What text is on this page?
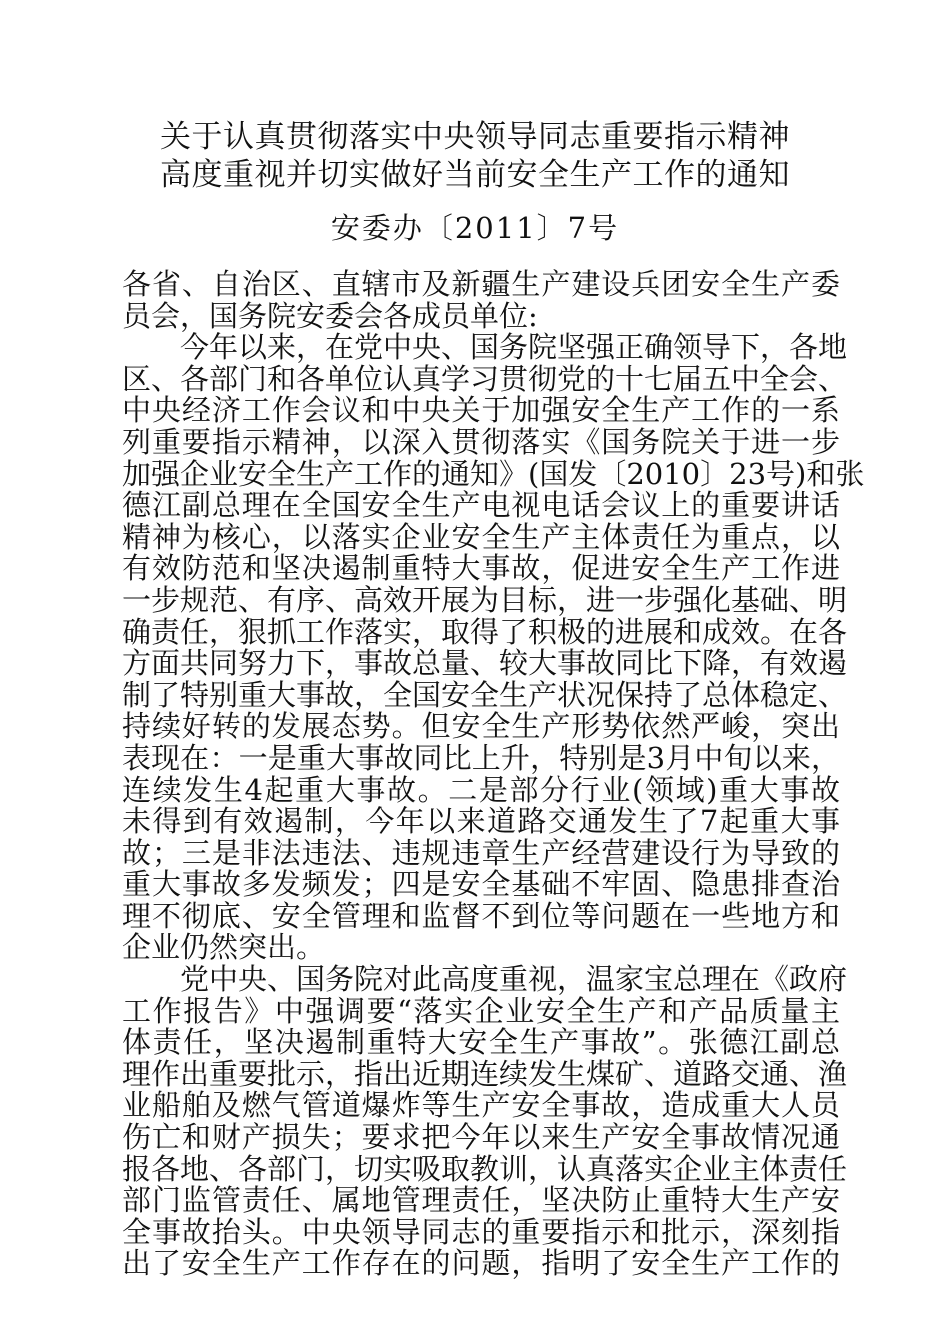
关于认真贯彻落实中央领导同志重要指示精神
高度重视并切实做好当前安全生产工作的通知
安委办〔2011〕7号
各省、自治区、直辖市及新疆生产建设兵团安全生产委
员会，国务院安委会各成员单位:
今年以来，在党中央、国务院坚强正确领导下，各地
区、各部门和各单位认真学习贯彻党的十七届五中全会、
中央经济工作会议和中央关于加强安全生产工作的一系
列重要指示精神，以深入贯彻落实《国务院关于进一步
加强企业安全生产工作的通知》(国发〔2010〕23号)和张
德江副总理在全国安全生产电视电话会议上的重要讲话
精神为核心，以落实企业安全生产主体责任为重点，以
有效防范和坚决遏制重特大事故，促进安全生产工作进
一步规范、有序、高效开展为目标，进一步强化基础、明
确责任，狠抓工作落实，取得了积极的进展和成效。在各
方面共同努力下，事故总量、较大事故同比下降，有效遏
制了特别重大事故，全国安全生产状况保持了总体稳定、
持续好转的发展态势。但安全生产形势依然严峻，突出
表现在：一是重大事故同比上升，特别是3月中旬以来，
连续发生4起重大事故。二是部分行业(领域)重大事故
未得到有效遏制，今年以来道路交通发生了7起重大事
故；三是非法违法、违规违章生产经营建设行为导致的
重大事故多发频发；四是安全基础不牢固、隐患排查治
理不彻底、安全管理和监督不到位等问题在一些地方和
企业仍然突出。
党中央、国务院对此高度重视，温家宝总理在《政府
工作报告》中强调要“落实企业安全生产和产品质量主
体责任，坚决遏制重特大安全生产事故”。张德江副总
理作出重要批示，指出近期连续发生煤矿、道路交通、渔
业船舶及燃气管道爆炸等生产安全事故，造成重大人员
伤亡和财产损失；要求把今年以来生产安全事故情况通
报各地、各部门，切实吸取教训，认真落实企业主体责任
部门监管责任、属地管理责任，坚决防止重特大生产安
全事故抬头。中央领导同志的重要指示和批示，深刻指
出了安全生产工作存在的问题，指明了安全生产工作的
